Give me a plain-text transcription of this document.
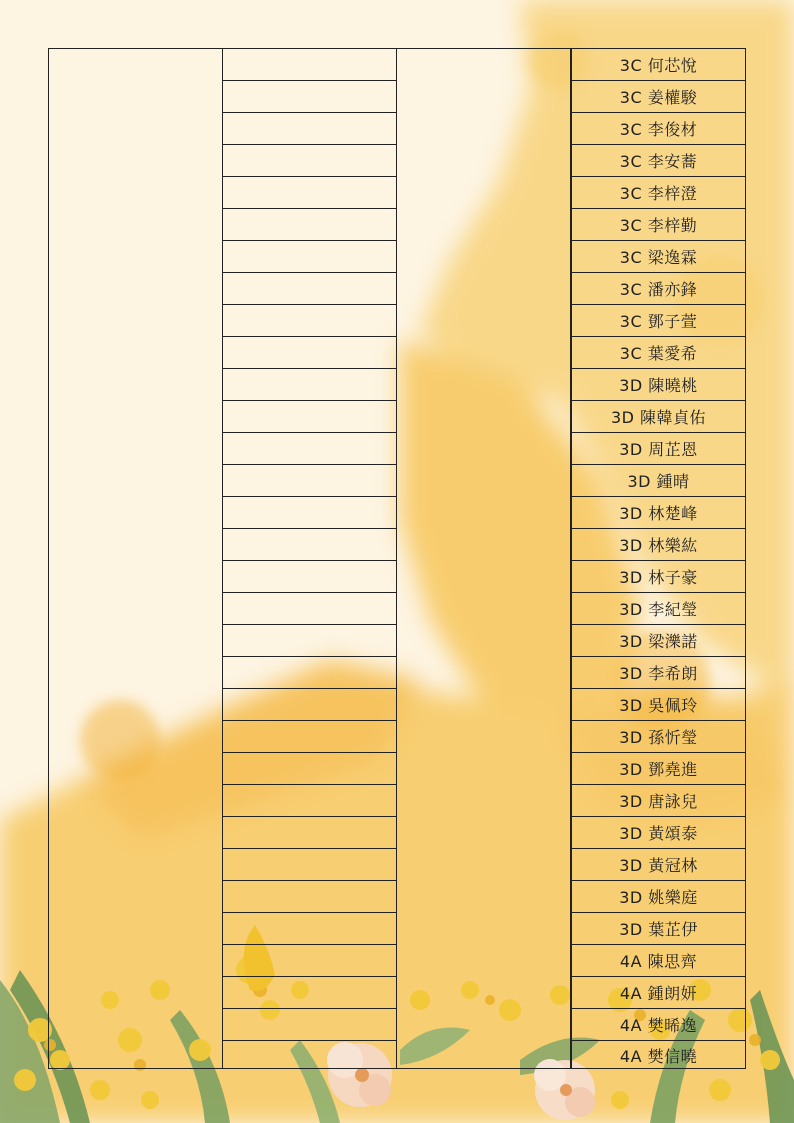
3C 何芯悅
3C 姜權駿
3C 李俊材
3C 李安蕎
3C 李梓澄
3C 李梓勤
3C 梁逸霖
3C 潘亦鋒
3C 鄧子萱
3C 葉愛希
3D 陳曉桃
3D 陳韓貞佑
3D 周芷恩
3D 鍾晴
3D 林楚峰
3D 林樂紘
3D 林子豪
3D 李紀瑩
3D 梁濼諾
3D 李希朗
3D 吳佩玲
3D 孫忻瑩
3D 鄧堯進
3D 唐詠兒
3D 黃頌泰
3D 黃冠林
3D 姚樂庭
3D 葉芷伊
4A 陳思齊
4A 鍾朗妍
4A 樊晞逸
4A 樊信曉
